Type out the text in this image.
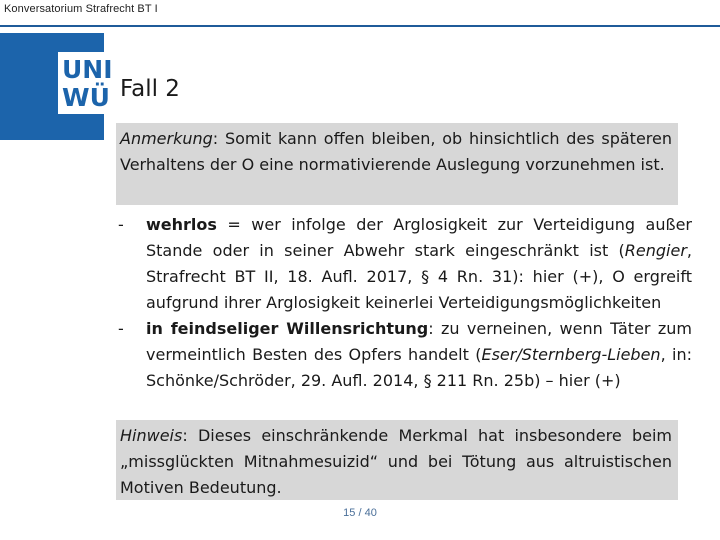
Konversatorium Strafrecht BT I
UNI
WÜ Fall 2
Anmerkung: Somit kann offen bleiben, ob hinsichtlich des späteren Verhaltens der O eine normativierende Auslegung vorzunehmen ist.
- wehrlos = wer infolge der Arglosigkeit zur Verteidigung außer Stande oder in seiner Abwehr stark eingeschränkt ist (Rengier, Strafrecht BT II, 18. Aufl. 2017, § 4 Rn. 31): hier (+), O ergreift aufgrund ihrer Arglosigkeit keinerlei Verteidigungsmöglichkeiten
- in feindseliger Willensrichtung: zu verneinen, wenn Täter zum vermeintlich Besten des Opfers handelt (Eser/Sternberg-Lieben, in: Schönke/Schröder, 29. Aufl. 2014, § 211 Rn. 25b) – hier (+)
Hinweis: Dieses einschränkende Merkmal hat insbesondere beim „missglückten Mitnahmesuizid“ und bei Tötung aus altruistischen Motiven Bedeutung.
15 / 40
